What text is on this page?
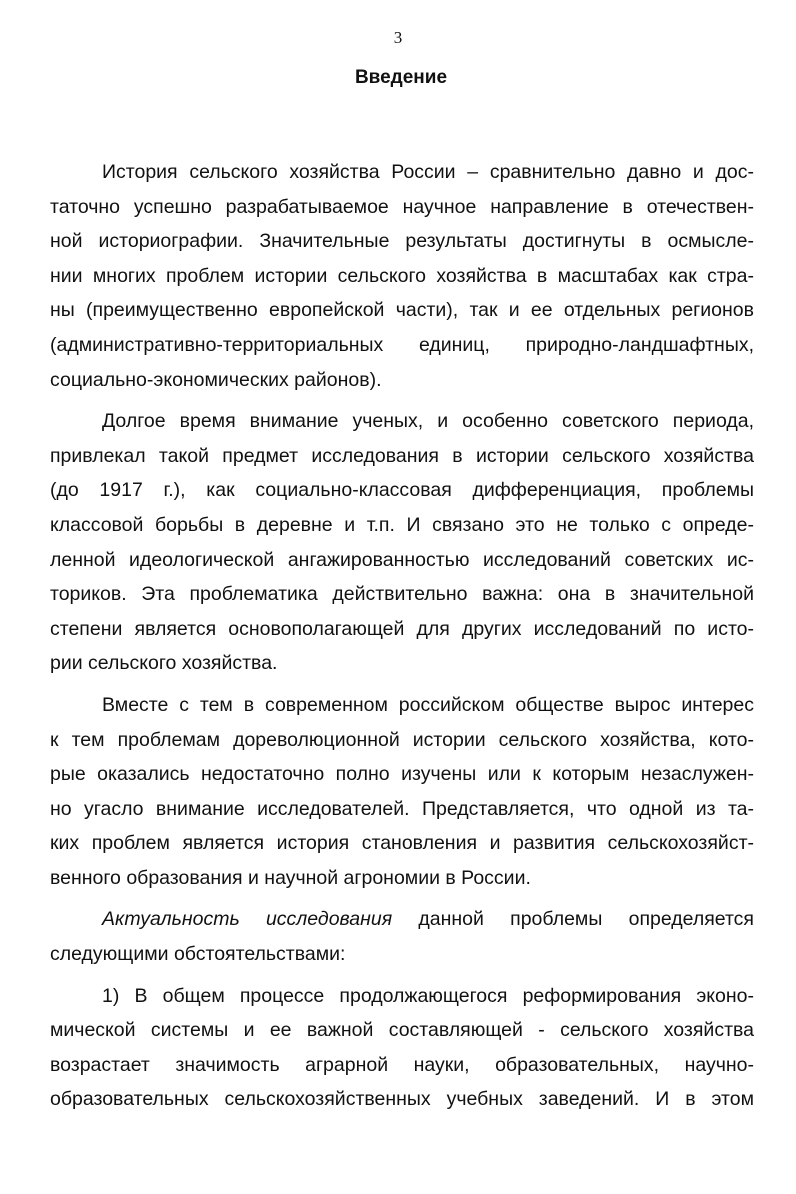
3
Введение
История сельского хозяйства России – сравнительно давно и дос-
таточно успешно разрабатываемое научное направление в отечествен-
ной историографии. Значительные результаты достигнуты в осмысле-
нии многих проблем истории сельского хозяйства в масштабах как стра-
ны (преимущественно европейской части), так и ее отдельных регионов
(административно-территориальных единиц, природно-ландшафтных,
социально-экономических районов).
Долгое время внимание ученых, и особенно советского периода,
привлекал такой предмет исследования в истории сельского хозяйства
(до 1917 г.), как социально-классовая дифференциация, проблемы
классовой борьбы в деревне и т.п. И связано это не только с опреде-
ленной идеологической ангажированностью исследований советских ис-
ториков. Эта проблематика действительно важна: она в значительной
степени является основополагающей для других исследований по исто-
рии сельского хозяйства.
Вместе с тем в современном российском обществе вырос интерес
к тем проблемам дореволюционной истории сельского хозяйства, кото-
рые оказались недостаточно полно изучены или к которым незаслужен-
но угасло внимание исследователей. Представляется, что одной из та-
ких проблем является история становления и развития сельскохозяйст-
венного образования и научной агрономии в России.
Актуальность исследования данной проблемы определяется
следующими обстоятельствами:
1) В общем процессе продолжающегося реформирования эконо-
мической системы и ее важной составляющей - сельского хозяйства
возрастает значимость аграрной науки, образовательных, научно-
образовательных сельскохозяйственных учебных заведений. И в этом
